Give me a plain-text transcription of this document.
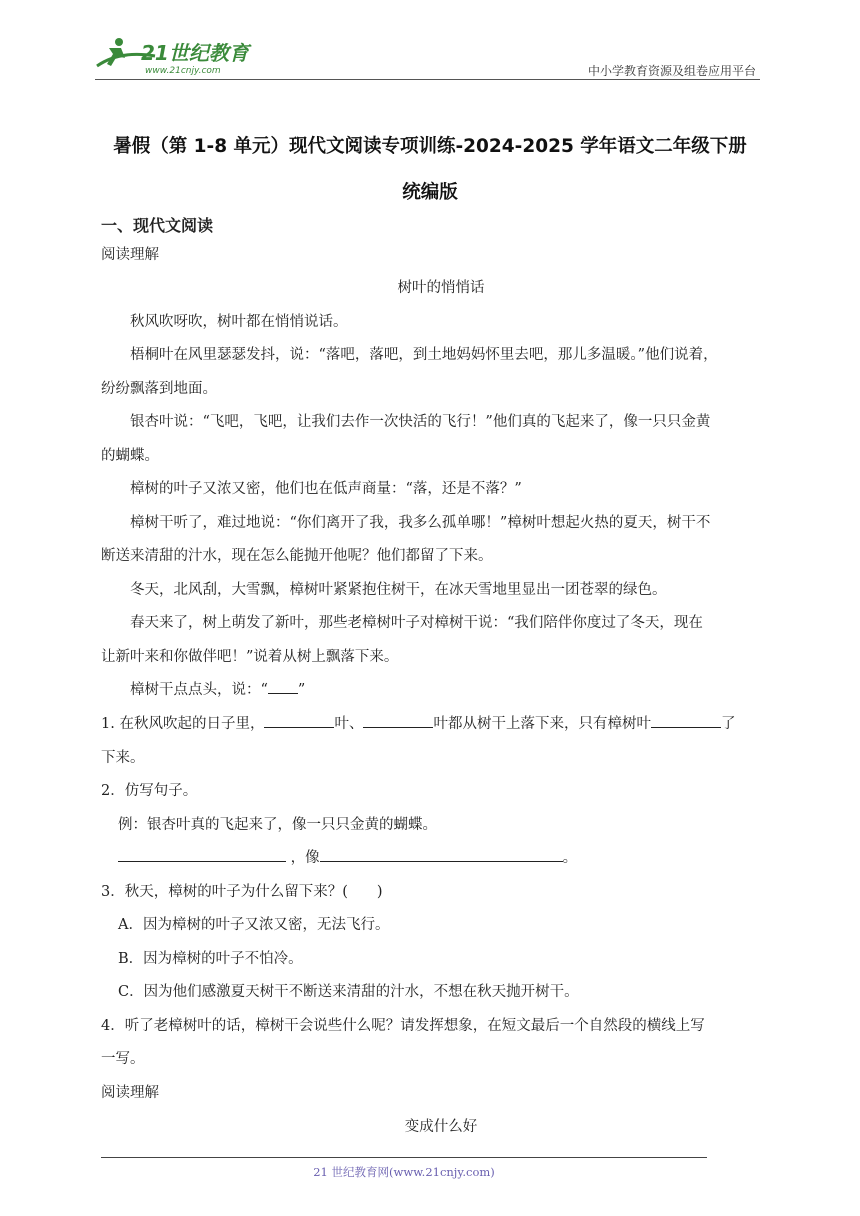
21世纪教育
www.21cnjy.com	中小学教育资源及组卷应用平台
暑假（第 1-8 单元）现代文阅读专项训练-2024-2025 学年语文二年级下册
统编版
一、现代文阅读
阅读理解
树叶的悄悄话
秋风吹呀吹，树叶都在悄悄说话。
梧桐叶在风里瑟瑟发抖，说：“落吧，落吧，到土地妈妈怀里去吧，那儿多温暖。”他们说着，
纷纷飘落到地面。
银杏叶说：“飞吧，飞吧，让我们去作一次快活的飞行！”他们真的飞起来了，像一只只金黄
的蝴蝶。
樟树的叶子又浓又密，他们也在低声商量：“落，还是不落？”
樟树干听了，难过地说：“你们离开了我，我多么孤单哪！”樟树叶想起火热的夏天，树干不
断送来清甜的汁水，现在怎么能抛开他呢？他们都留了下来。
冬天，北风刮，大雪飘，樟树叶紧紧抱住树干，在冰天雪地里显出一团苍翠的绿色。
春天来了，树上萌发了新叶，那些老樟树叶子对樟树干说：“我们陪伴你度过了冬天，现在
让新叶来和你做伴吧！”说着从树上飘落下来。
樟树干点点头，说：“ ”
1. 在秋风吹起的日子里，	叶、	叶都从树干上落下来，只有樟树叶	了
下来。
2．仿写句子。
例：银杏叶真的飞起来了，像一只只金黄的蝴蝶。
，像	。
3．秋天，樟树的叶子为什么留下来？(　　)
A．因为樟树的叶子又浓又密，无法飞行。
B．因为樟树的叶子不怕冷。
C．因为他们感激夏天树干不断送来清甜的汁水，不想在秋天抛开树干。
4．听了老樟树叶的话，樟树干会说些什么呢？请发挥想象，在短文最后一个自然段的横线上写
一写。
阅读理解
变成什么好
21 世纪教育网(www.21cnjy.com)
